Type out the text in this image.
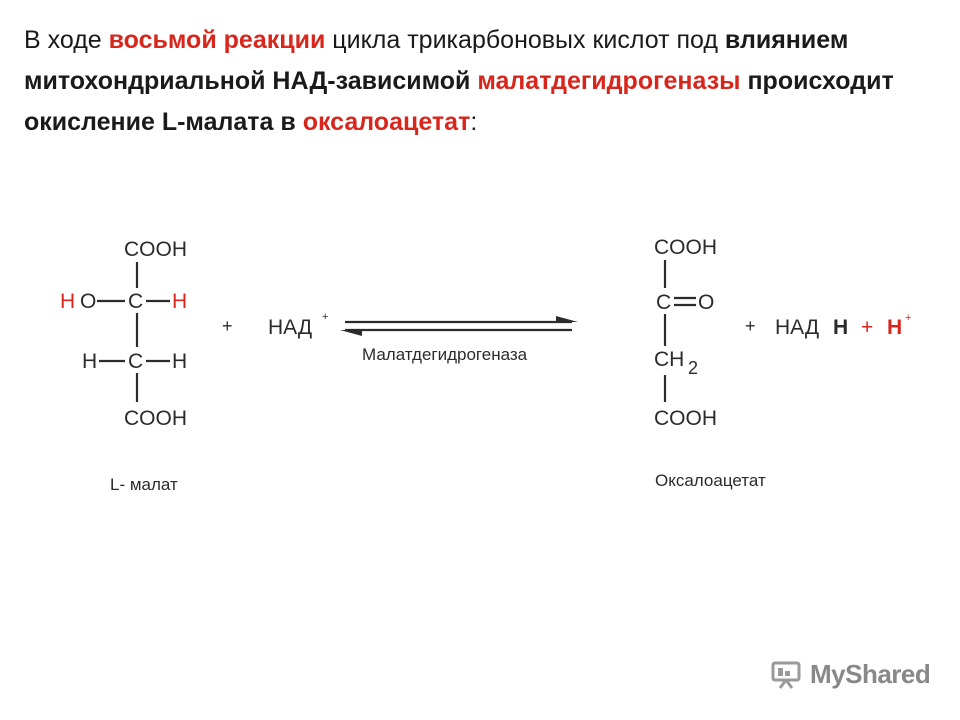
В ходе восьмой реакции цикла трикарбоновых кислот под влиянием митохондриальной НАД-зависимой малатдегидрогеназы происходит окисление L-малата в оксалоацетат:

COOH
H O C H
H C H
COOH
L- малат
+ НАД +
Малатдегидрогеназа
COOH
C O
CH 2
COOH
Оксалоацетат
+ НАД Н + Н +
MyShared
